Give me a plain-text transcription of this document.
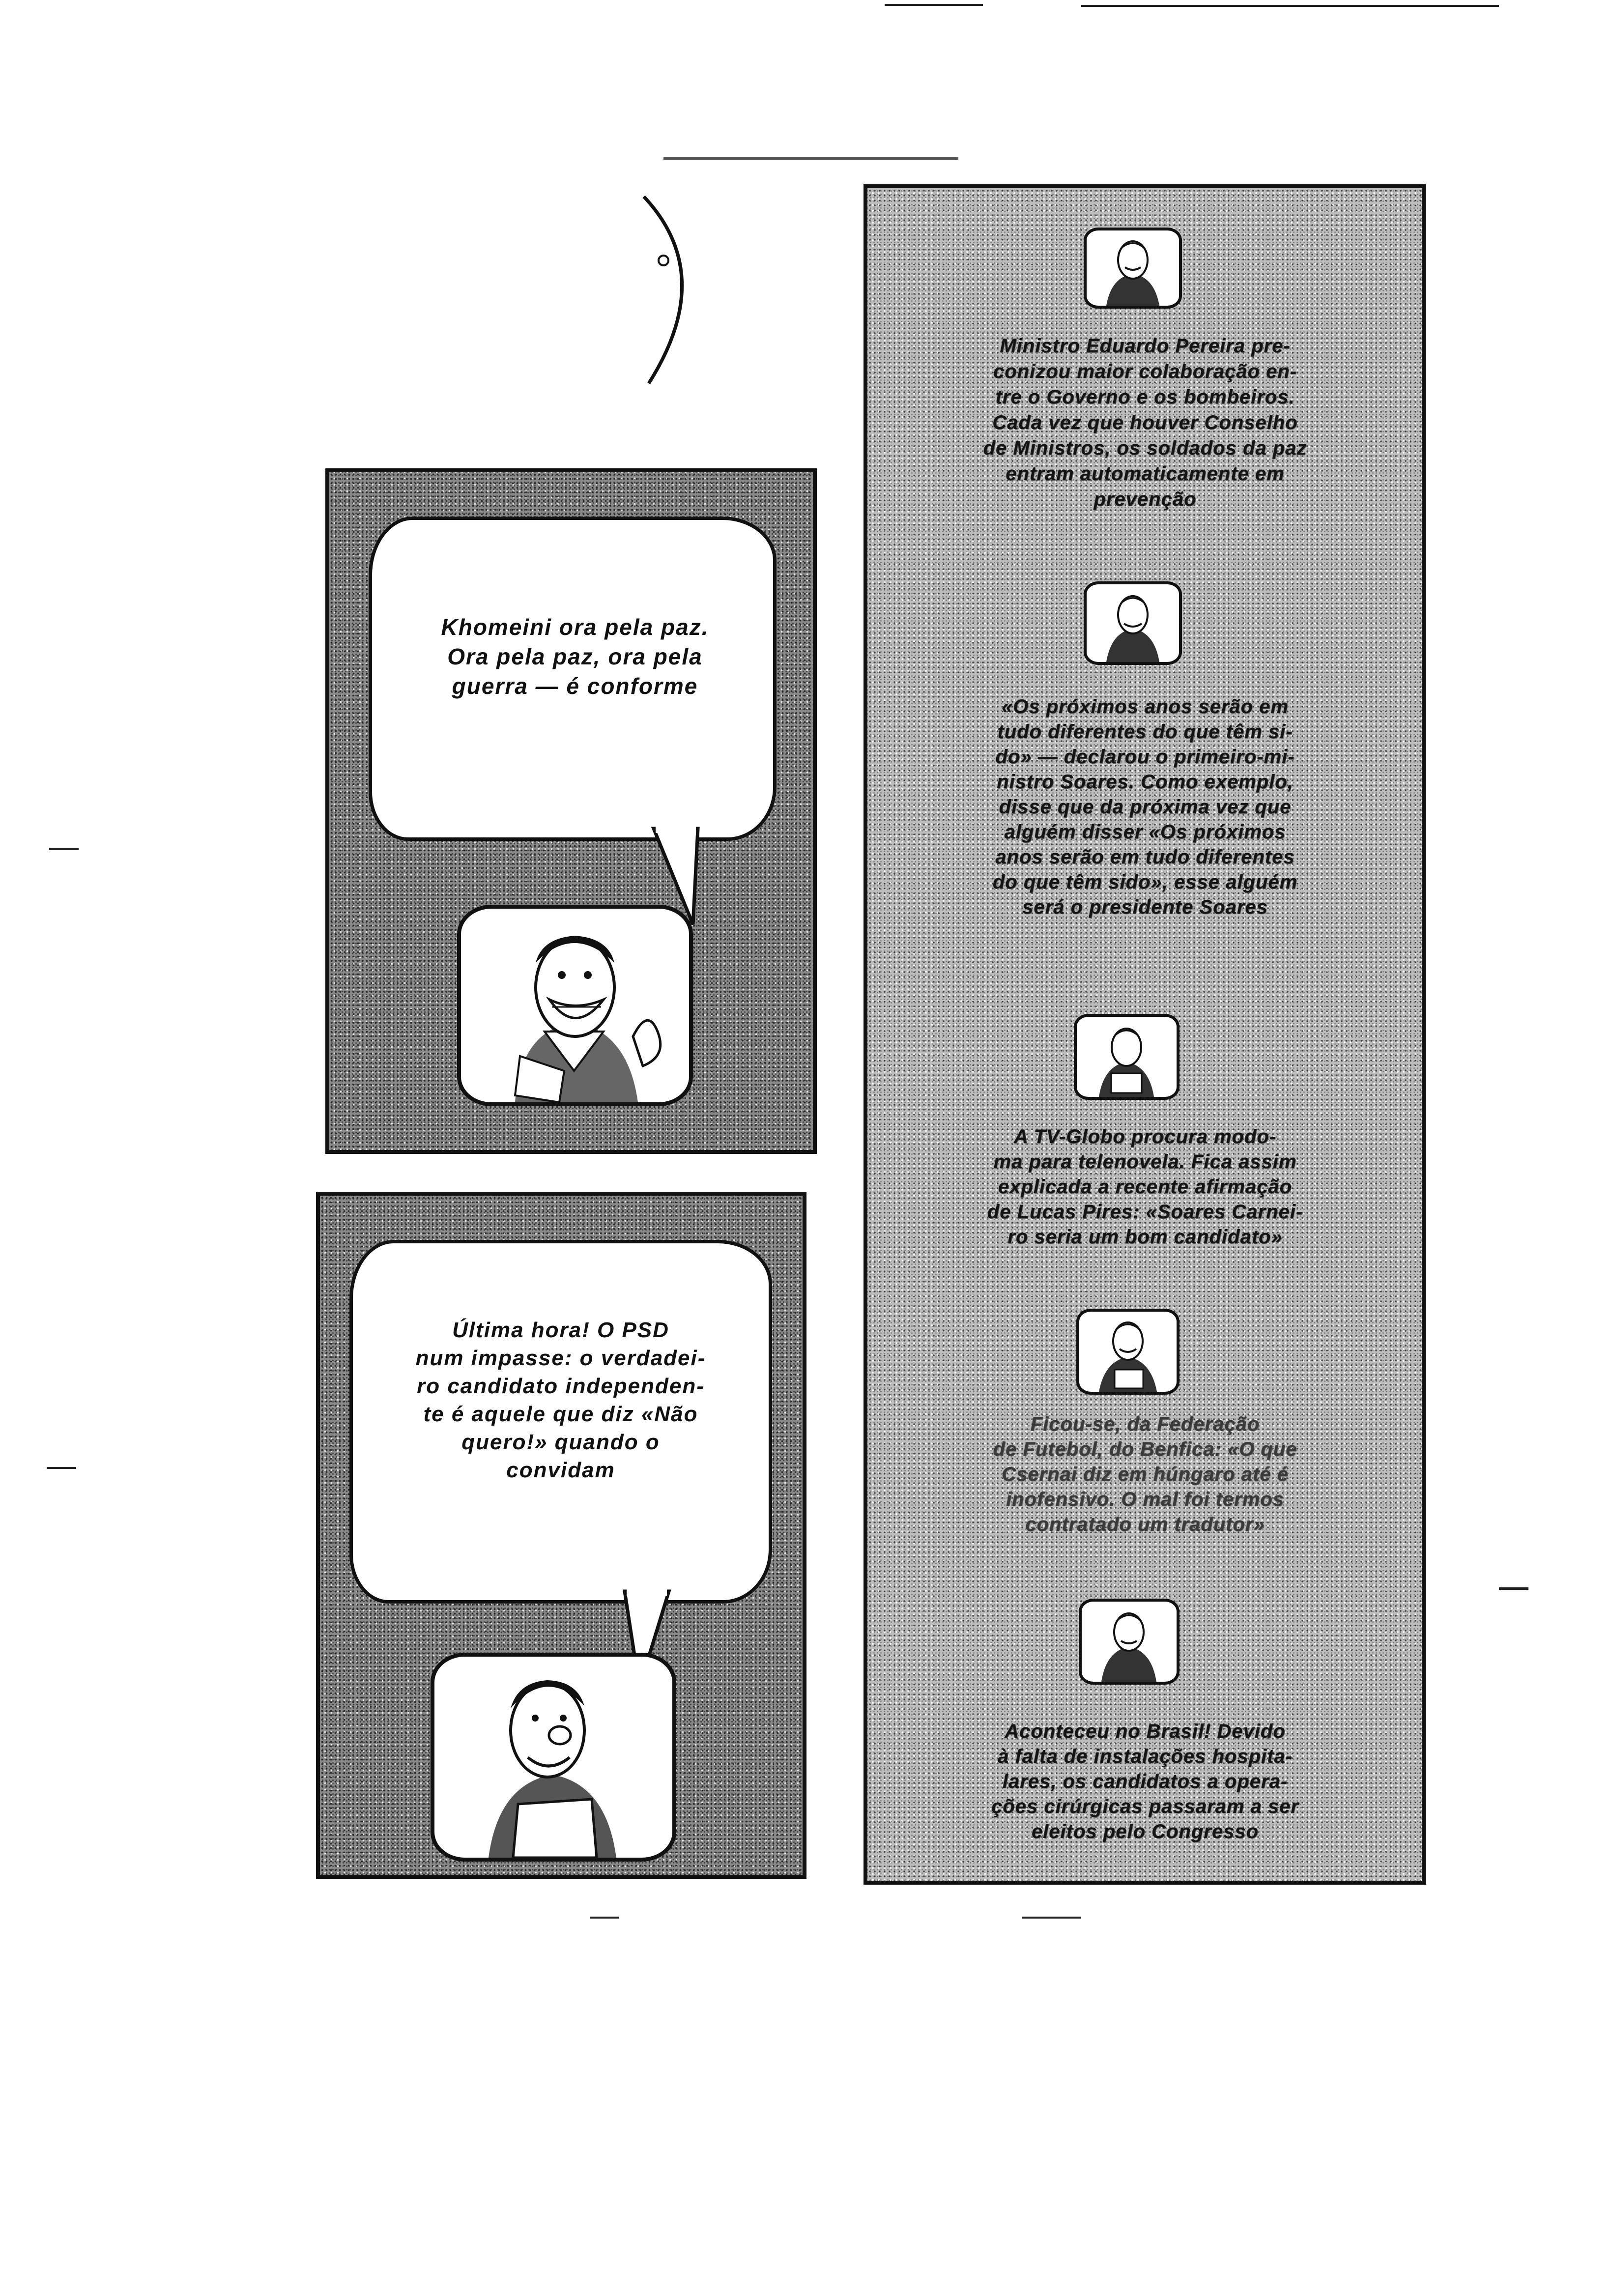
Khomeini ora pela paz.
Ora pela paz, ora pela
guerra — é conforme
Última hora! O PSD
num impasse: o verdadei-
ro candidato independen-
te é aquele que diz «Não
quero!» quando o
convidam
Ministro Eduardo Pereira pre-
conizou maior colaboração en-
tre o Governo e os bombeiros.
Cada vez que houver Conselho
de Ministros, os soldados da paz
entram automaticamente em
prevenção
«Os próximos anos serão em
tudo diferentes do que têm si-
do» — declarou o primeiro-mi-
nistro Soares. Como exemplo,
disse que da próxima vez que
alguém disser «Os próximos
anos serão em tudo diferentes
do que têm sido», esse alguém
será o presidente Soares
A TV-Globo procura modo-
ma para telenovela. Fica assim
explicada a recente afirmação
de Lucas Pires: «Soares Carnei-
ro seria um bom candidato»
Ficou-se, da Federação
de Futebol, do Benfica: «O que
Csernai diz em húngaro até é
inofensivo. O mal foi termos
contratado um tradutor»
Aconteceu no Brasil! Devido
à falta de instalações hospita-
lares, os candidatos a opera-
ções cirúrgicas passaram a ser
eleitos pelo Congresso
